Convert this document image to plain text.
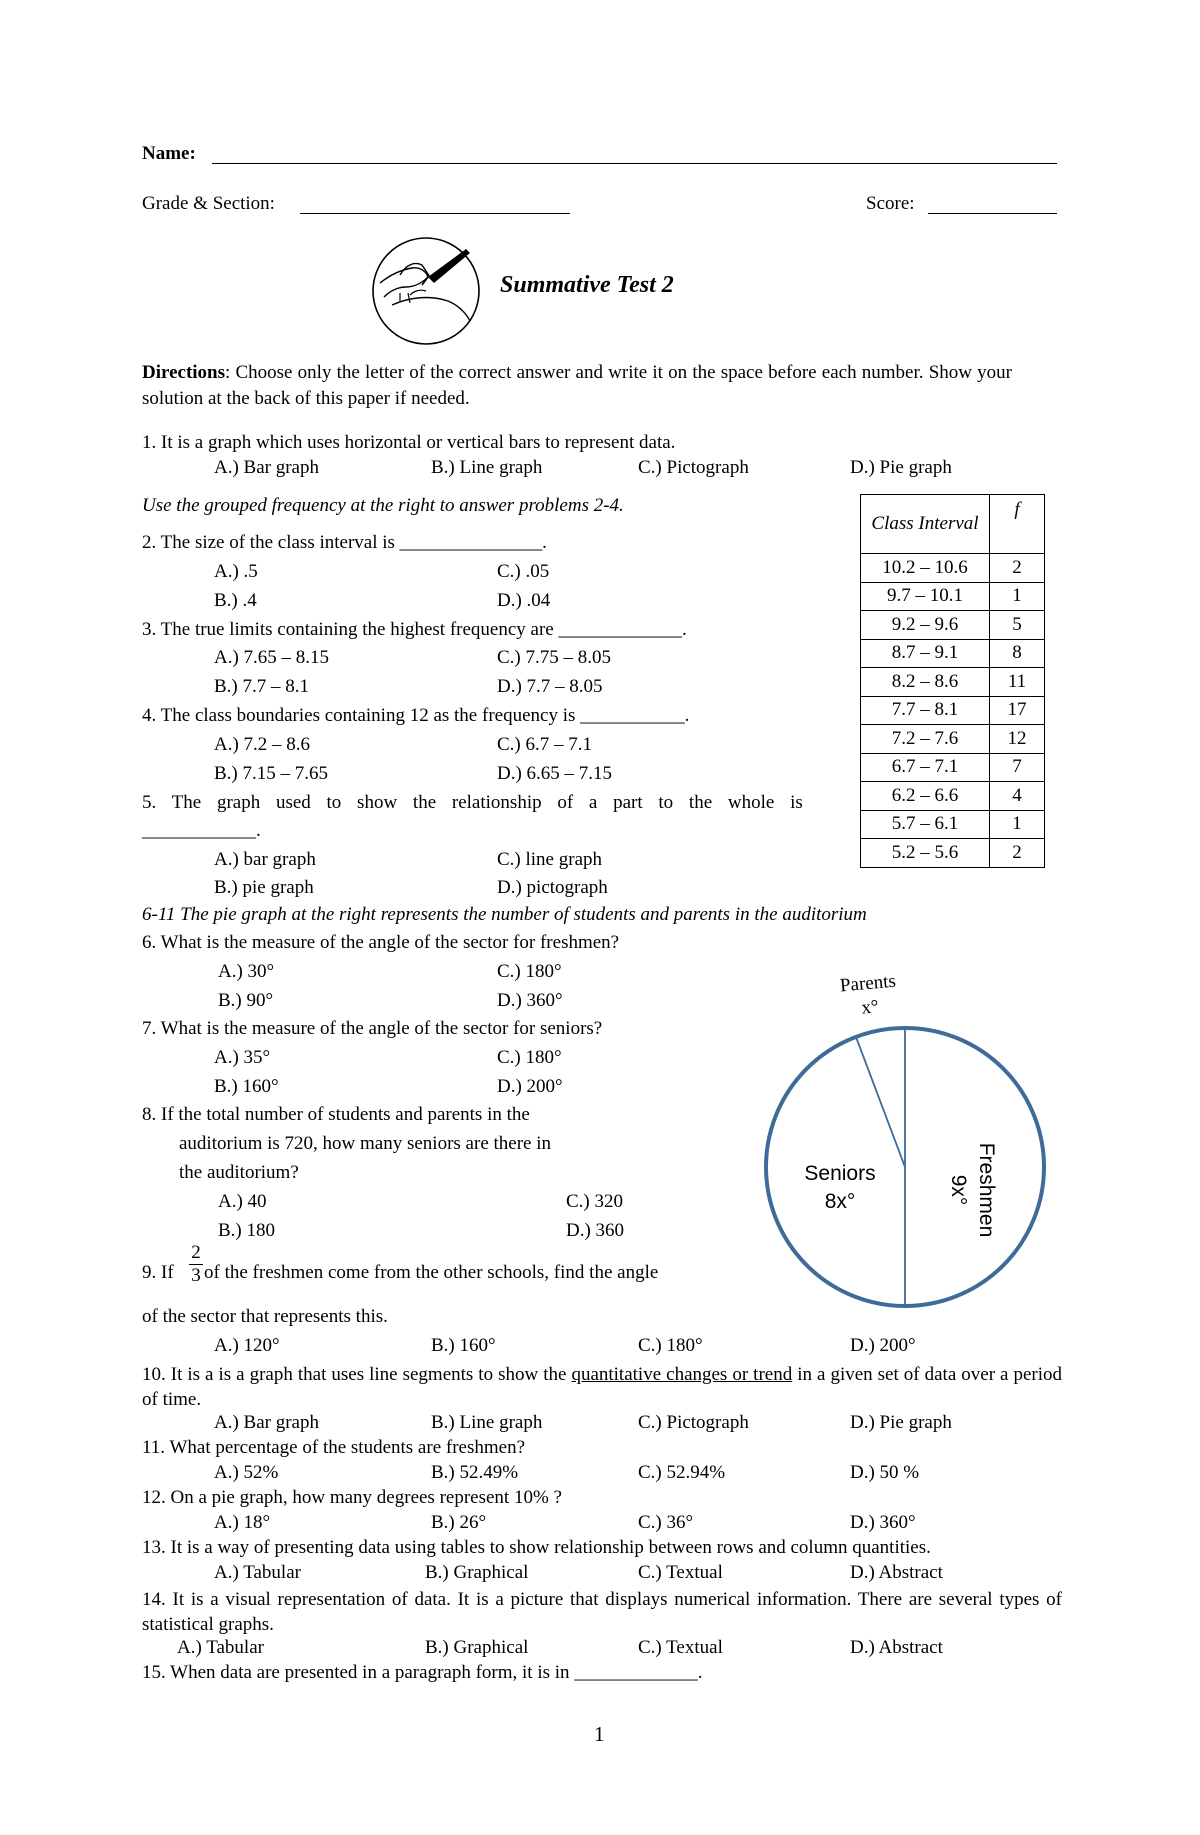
Name:
Grade & Section:	Score:
Summative Test 2
Directions: Choose only the letter of the correct answer and write it on the space before each number. Show your solution at the back of this paper if needed.
1. It is a graph which uses horizontal or vertical bars to represent data.
A.) Bar graph	B.) Line graph	C.) Pictograph	D.) Pie graph
Use the grouped frequency at the right to answer problems 2-4.
2. The size of the class interval is _______________.
A.) .5	C.) .05
B.) .4	D.) .04
3. The true limits containing the highest frequency are _____________.
A.) 7.65 – 8.15	C.) 7.75 – 8.05
B.) 7.7 – 8.1	D.) 7.7 – 8.05
4. The class boundaries containing 12 as the frequency is ___________.
A.) 7.2 – 8.6	C.) 6.7 – 7.1
B.) 7.15 – 7.65	D.) 6.65 – 7.15
5. The graph used to show the relationship of a part to the whole is
____________.
A.) bar graph	C.) line graph
B.) pie graph	D.) pictograph
Class Interval	f
10.2 – 10.6	2
9.7 – 10.1	1
9.2 – 9.6	5
8.7 – 9.1	8
8.2 – 8.6	11
7.7 – 8.1	17
7.2 – 7.6	12
6.7 – 7.1	7
6.2 – 6.6	4
5.7 – 6.1	1
5.2 – 5.6	2
6-11 The pie graph at the right represents the number of students and parents in the auditorium
6. What is the measure of the angle of the sector for freshmen?
A.) 30°	C.) 180°
B.) 90°	D.) 360°
7. What is the measure of the angle of the sector for seniors?
A.) 35°	C.) 180°
B.) 160°	D.) 200°
8. If the total number of students and parents in the
auditorium is 720, how many seniors are there in
the auditorium?
A.) 40	C.) 320
B.) 180	D.) 360
9. If $\frac{2}{3}$ of the freshmen come from the other schools, find the angle
of the sector that represents this.
A.) 120°	B.) 160°	C.) 180°	D.) 200°
Parents
x°
Seniors
8x°	Freshmen
9x°
10. It is a is a graph that uses line segments to show the quantitative changes or trend in a given set of data over a period of time.
A.) Bar graph	B.) Line graph	C.) Pictograph	D.) Pie graph
11. What percentage of the students are freshmen?
A.) 52%	B.) 52.49%	C.) 52.94%	D.) 50 %
12. On a pie graph, how many degrees represent 10% ?
A.) 18°	B.) 26°	C.) 36°	D.) 360°
13. It is a way of presenting data using tables to show relationship between rows and column quantities.
A.) Tabular	B.) Graphical	C.) Textual	D.) Abstract
14. It is a visual representation of data. It is a picture that displays numerical information. There are several types of statistical graphs.
A.) Tabular	B.) Graphical	C.) Textual	D.) Abstract
15. When data are presented in a paragraph form, it is in _____________.
1
